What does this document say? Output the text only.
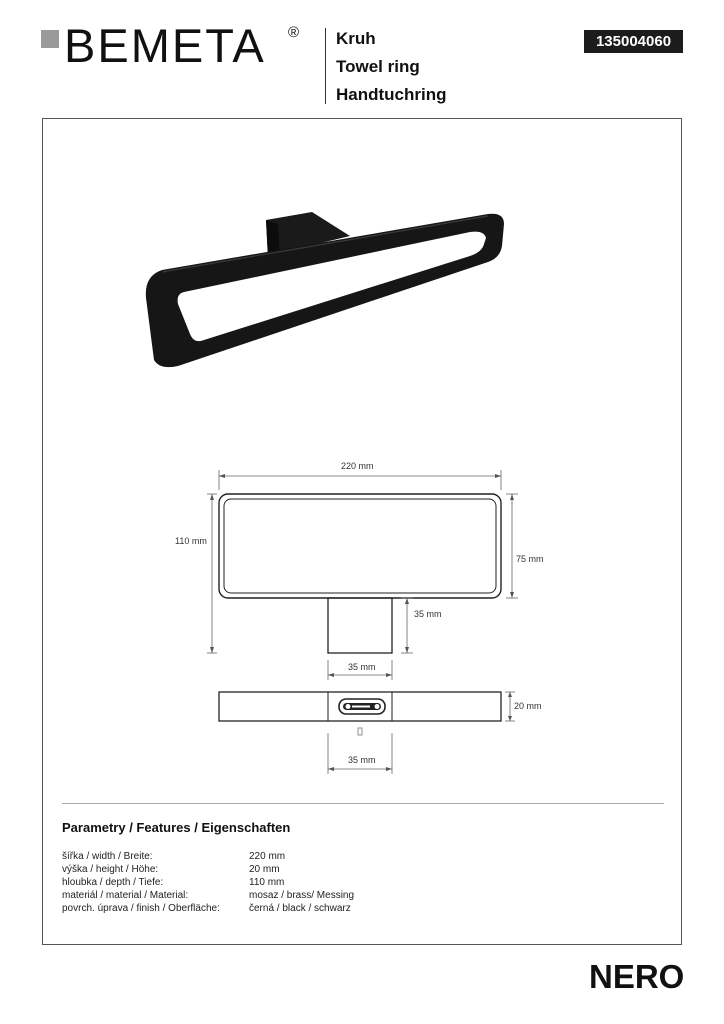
BEMETA ® Kruh
Towel ring
Handtuchring
135004060
220 mm
110 mm
75 mm
35 mm
35 mm
20 mm
35 mm
Parametry / Features / Eigenschaften
šířka / width / Breite:	220 mm
výška / height / Höhe:	20 mm
hloubka / depth / Tiefe:	110 mm
materiál / material / Material:	mosaz / brass/ Messing
povrch. úprava / finish / Oberfläche:	černá / black / schwarz
NERO
